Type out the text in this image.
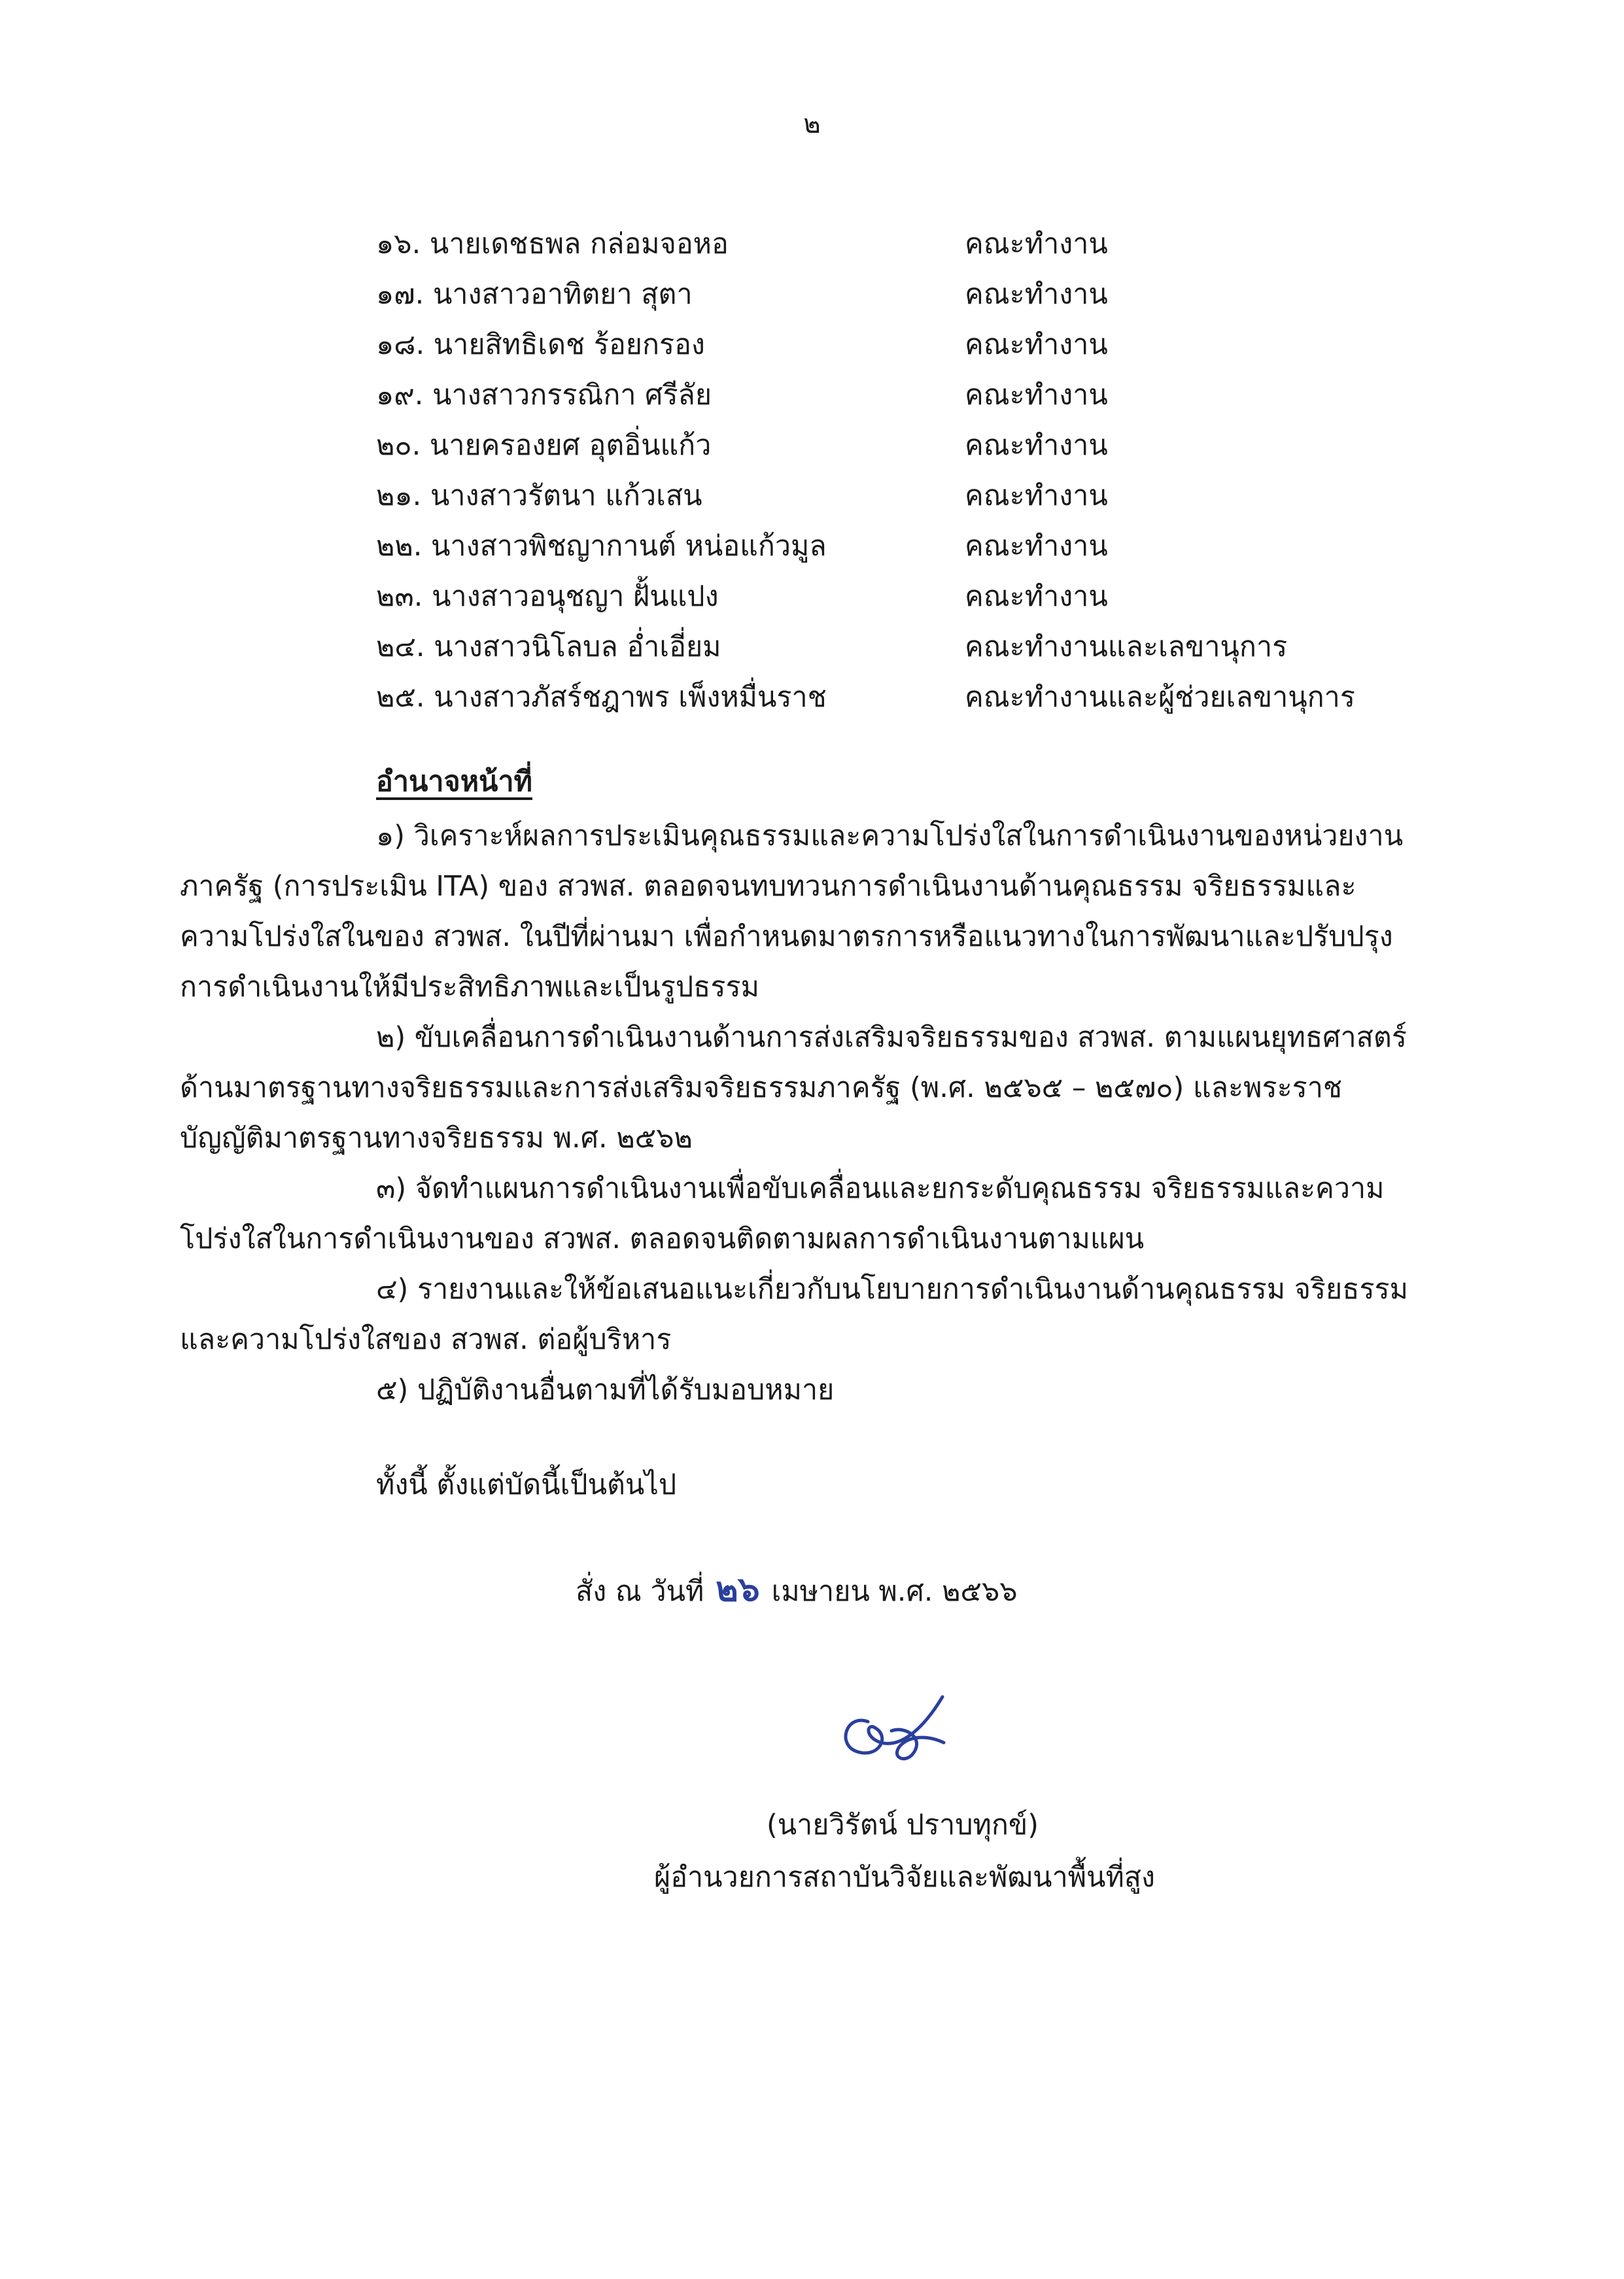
๒
๑๖. นายเดชธพล กล่อมจอหอ	คณะทำงาน
๑๗. นางสาวอาทิตยา สุตา	คณะทำงาน
๑๘. นายสิทธิเดช ร้อยกรอง	คณะทำงาน
๑๙. นางสาวกรรณิกา ศรีลัย	คณะทำงาน
๒๐. นายครองยศ อุตอิ่นแก้ว	คณะทำงาน
๒๑. นางสาวรัตนา แก้วเสน	คณะทำงาน
๒๒. นางสาวพิชญากานต์ หน่อแก้วมูล	คณะทำงาน
๒๓. นางสาวอนุชญา ฝั้นแปง	คณะทำงาน
๒๔. นางสาวนิโลบล อ่ำเอี่ยม	คณะทำงานและเลขานุการ
๒๕. นางสาวภัสร์ชฎาพร เพ็งหมื่นราช	คณะทำงานและผู้ช่วยเลขานุการ
อำนาจหน้าที่

๑) วิเคราะห์ผลการประเมินคุณธรรมและความโปร่งใสในการดำเนินงานของหน่วยงานภาครัฐ (การประเมิน ITA) ของ สวพส. ตลอดจนทบทวนการดำเนินงานด้านคุณธรรม จริยธรรมและความโปร่งใสในของ สวพส. ในปีที่ผ่านมา เพื่อกำหนดมาตรการหรือแนวทางในการพัฒนาและปรับปรุงการดำเนินงานให้มีประสิทธิภาพและเป็นรูปธรรม

๒) ขับเคลื่อนการดำเนินงานด้านการส่งเสริมจริยธรรมของ สวพส. ตามแผนยุทธศาสตร์ด้านมาตรฐานทางจริยธรรมและการส่งเสริมจริยธรรมภาครัฐ (พ.ศ. ๒๕๖๕ – ๒๕๗๐) และพระราชบัญญัติมาตรฐานทางจริยธรรม พ.ศ. ๒๕๖๒

๓) จัดทำแผนการดำเนินงานเพื่อขับเคลื่อนและยกระดับคุณธรรม จริยธรรมและความโปร่งใสในการดำเนินงานของ สวพส. ตลอดจนติดตามผลการดำเนินงานตามแผน

๔) รายงานและให้ข้อเสนอแนะเกี่ยวกับนโยบายการดำเนินงานด้านคุณธรรม จริยธรรมและความโปร่งใสของ สวพส. ต่อผู้บริหาร

๕) ปฏิบัติงานอื่นตามที่ได้รับมอบหมาย

ทั้งนี้ ตั้งแต่บัดนี้เป็นต้นไป
สั่ง ณ วันที่ ๒๖ เมษายน พ.ศ. ๒๕๖๖
(นายวิรัตน์ ปราบทุกข์)
ผู้อำนวยการสถาบันวิจัยและพัฒนาพื้นที่สูง
